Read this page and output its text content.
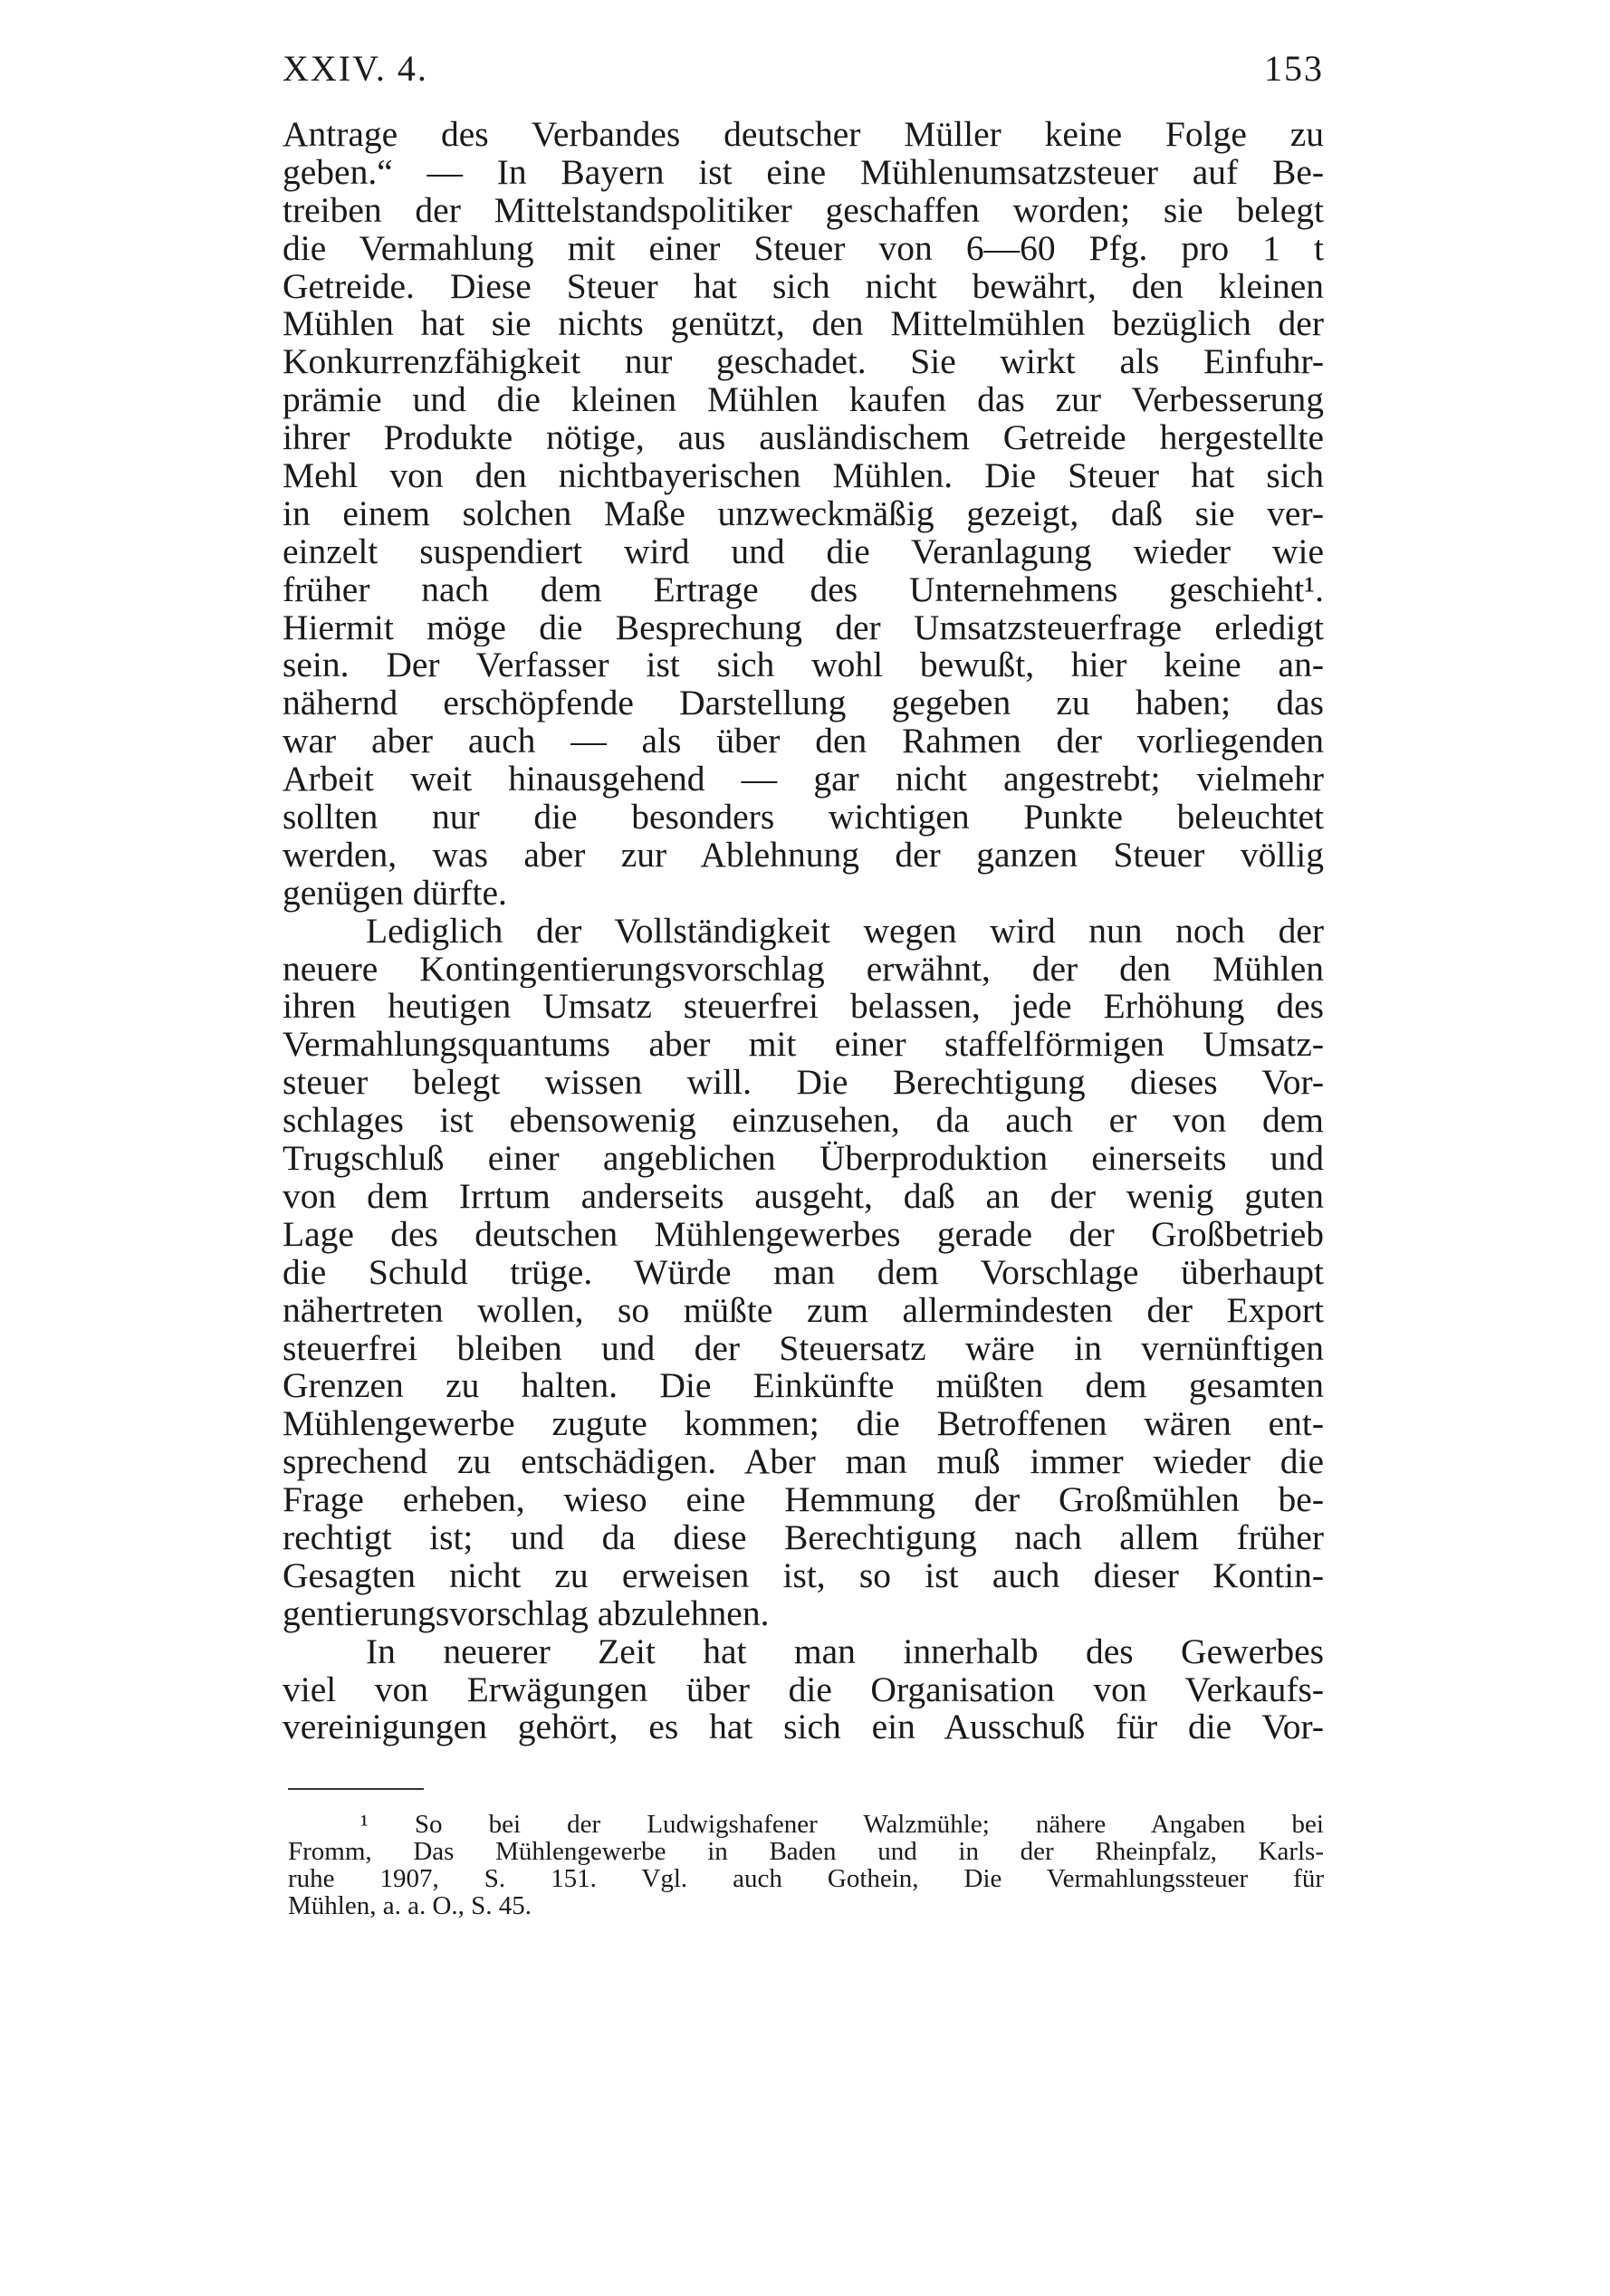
XXIV. 4.	153
Antrage des Verbandes deutscher Müller keine Folge zu
geben.“ — In Bayern ist eine Mühlenumsatzsteuer auf Be-
treiben der Mittelstandspolitiker geschaffen worden; sie belegt
die Vermahlung mit einer Steuer von 6—60 Pfg. pro 1 t
Getreide. Diese Steuer hat sich nicht bewährt, den kleinen
Mühlen hat sie nichts genützt, den Mittelmühlen bezüglich der
Konkurrenzfähigkeit nur geschadet. Sie wirkt als Einfuhr-
prämie und die kleinen Mühlen kaufen das zur Verbesserung
ihrer Produkte nötige, aus ausländischem Getreide hergestellte
Mehl von den nichtbayerischen Mühlen. Die Steuer hat sich
in einem solchen Maße unzweckmäßig gezeigt, daß sie ver-
einzelt suspendiert wird und die Veranlagung wieder wie
früher nach dem Ertrage des Unternehmens geschieht¹.
Hiermit möge die Besprechung der Umsatzsteuerfrage erledigt
sein. Der Verfasser ist sich wohl bewußt, hier keine an-
nähernd erschöpfende Darstellung gegeben zu haben; das
war aber auch — als über den Rahmen der vorliegenden
Arbeit weit hinausgehend — gar nicht angestrebt; vielmehr
sollten nur die besonders wichtigen Punkte beleuchtet
werden, was aber zur Ablehnung der ganzen Steuer völlig
genügen dürfte.
Lediglich der Vollständigkeit wegen wird nun noch der
neuere Kontingentierungsvorschlag erwähnt, der den Mühlen
ihren heutigen Umsatz steuerfrei belassen, jede Erhöhung des
Vermahlungsquantums aber mit einer staffelförmigen Umsatz-
steuer belegt wissen will. Die Berechtigung dieses Vor-
schlages ist ebensowenig einzusehen, da auch er von dem
Trugschluß einer angeblichen Überproduktion einerseits und
von dem Irrtum anderseits ausgeht, daß an der wenig guten
Lage des deutschen Mühlengewerbes gerade der Großbetrieb
die Schuld trüge. Würde man dem Vorschlage überhaupt
nähertreten wollen, so müßte zum allermindesten der Export
steuerfrei bleiben und der Steuersatz wäre in vernünftigen
Grenzen zu halten. Die Einkünfte müßten dem gesamten
Mühlengewerbe zugute kommen; die Betroffenen wären ent-
sprechend zu entschädigen. Aber man muß immer wieder die
Frage erheben, wieso eine Hemmung der Großmühlen be-
rechtigt ist; und da diese Berechtigung nach allem früher
Gesagten nicht zu erweisen ist, so ist auch dieser Kontin-
gentierungsvorschlag abzulehnen.
In neuerer Zeit hat man innerhalb des Gewerbes
viel von Erwägungen über die Organisation von Verkaufs-
vereinigungen gehört, es hat sich ein Ausschuß für die Vor-
¹ So bei der Ludwigshafener Walzmühle; nähere Angaben bei
Fromm, Das Mühlengewerbe in Baden und in der Rheinpfalz, Karls-
ruhe 1907, S. 151. Vgl. auch Gothein, Die Vermahlungssteuer für
Mühlen, a. a. O., S. 45.
